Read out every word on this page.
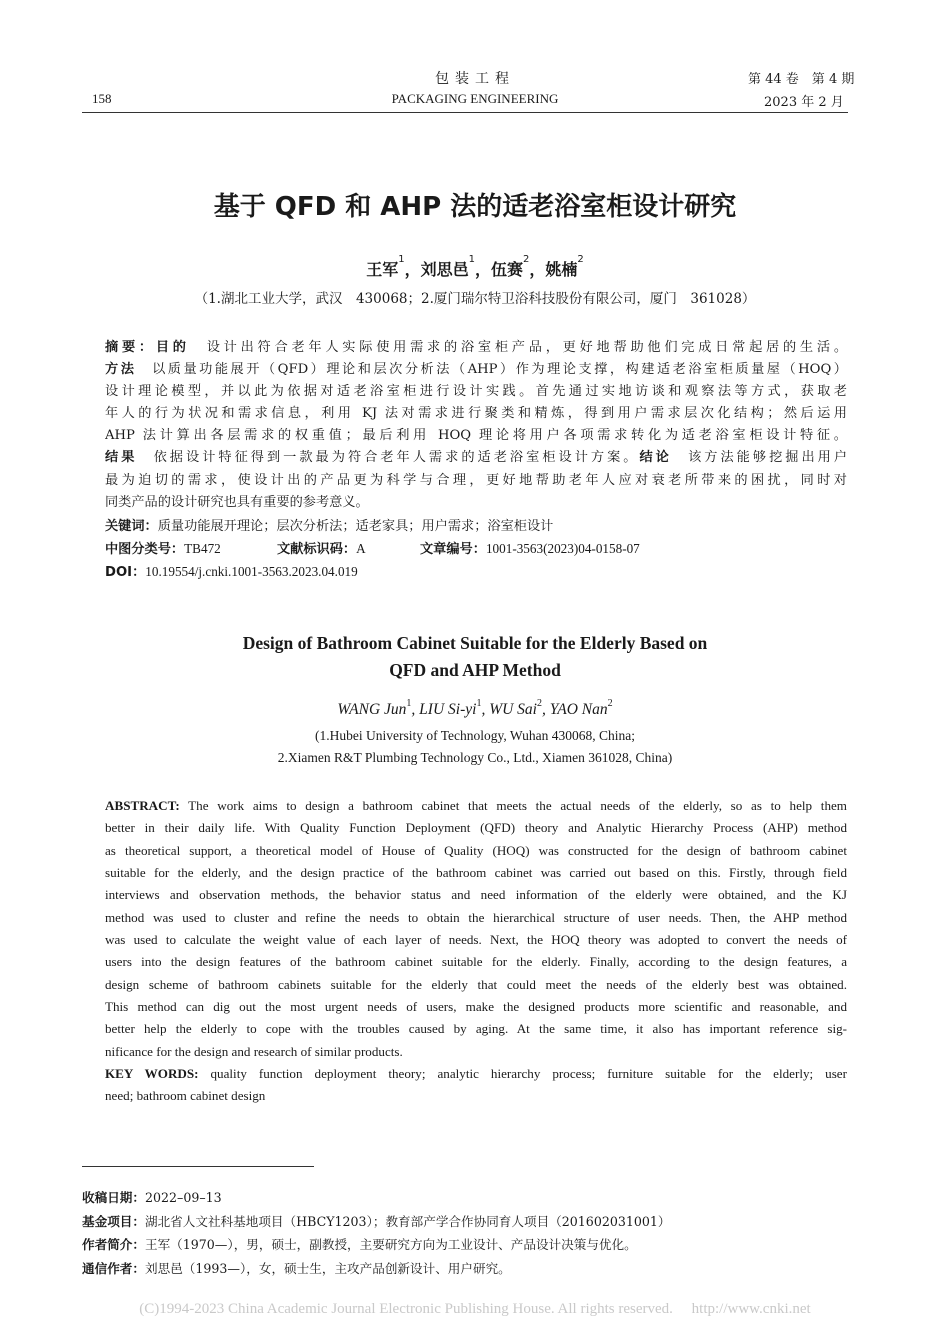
包装工程	第 44 卷　第 4 期
158	PACKAGING ENGINEERING	2023 年 2 月
基于 QFD 和 AHP 法的适老浴室柜设计研究
王军$^1$，刘思邑$^1$，伍赛$^2$，姚楠$^2$
（1.湖北工业大学，武汉　430068；2.厦门瑞尔特卫浴科技股份有限公司，厦门　361028）
摘要：目的　设计出符合老年人实际使用需求的浴室柜产品，更好地帮助他们完成日常起居的生活。
方法　以质量功能展开（QFD）理论和层次分析法（AHP）作为理论支撑，构建适老浴室柜质量屋（HOQ）
设计理论模型，并以此为依据对适老浴室柜进行设计实践。首先通过实地访谈和观察法等方式，获取老
年人的行为状况和需求信息，利用 KJ 法对需求进行聚类和精炼，得到用户需求层次化结构；然后运用
AHP 法计算出各层需求的权重值；最后利用 HOQ 理论将用户各项需求转化为适老浴室柜设计特征。
结果　依据设计特征得到一款最为符合老年人需求的适老浴室柜设计方案。结论　该方法能够挖掘出用户
最为迫切的需求，使设计出的产品更为科学与合理，更好地帮助老年人应对衰老所带来的困扰，同时对
同类产品的设计研究也具有重要的参考意义。
关键词：质量功能展开理论；层次分析法；适老家具；用户需求；浴室柜设计
中图分类号：TB472	文献标识码：A	文章编号：1001-3563(2023)04-0158-07
DOI：10.19554/j.cnki.1001-3563.2023.04.019
Design of Bathroom Cabinet Suitable for the Elderly Based on
QFD and AHP Method
WANG Jun$^1$, LIU $Si-yi^1$, WU Sai$^2$, YAO Nan$^2$
(1.Hubei University of Technology, Wuhan 430068, China;
2.Xiamen R&T Plumbing Technology Co., Ltd., Xiamen 361028, China)
ABSTRACT: The work aims to design a bathroom cabinet that meets the actual needs of the elderly, so as to help them
better in their daily life. With Quality Function Deployment (QFD) theory and Analytic Hierarchy Process (AHP) method
as theoretical support, a theoretical model of House of Quality (HOQ) was constructed for the design of bathroom cabinet
suitable for the elderly, and the design practice of the bathroom cabinet was carried out based on this. Firstly, through field
interviews and observation methods, the behavior status and need information of the elderly were obtained, and the KJ
method was used to cluster and refine the needs to obtain the hierarchical structure of user needs. Then, the AHP method
was used to calculate the weight value of each layer of needs. Next, the HOQ theory was adopted to convert the needs of
users into the design features of the bathroom cabinet suitable for the elderly. Finally, according to the design features, a
design scheme of bathroom cabinets suitable for the elderly that could meet the needs of the elderly best was obtained.
This method can dig out the most urgent needs of users, make the designed products more scientific and reasonable, and
better help the elderly to cope with the troubles caused by aging. At the same time, it also has important reference sig-
nificance for the design and research of similar products.
KEY WORDS: quality function deployment theory; analytic hierarchy process; furniture suitable for the elderly; user
need; bathroom cabinet design
收稿日期：2022–09–13
基金项目：湖北省人文社科基地项目（HBCY1203）；教育部产学合作协同育人项目（201602031001）
作者简介：王军（1970—），男，硕士，副教授，主要研究方向为工业设计、产品设计决策与优化。
通信作者：刘思邑（1993—），女，硕士生，主攻产品创新设计、用户研究。
(C)1994-2023 China Academic Journal Electronic Publishing House. All rights reserved.　 http://www.cnki.net
